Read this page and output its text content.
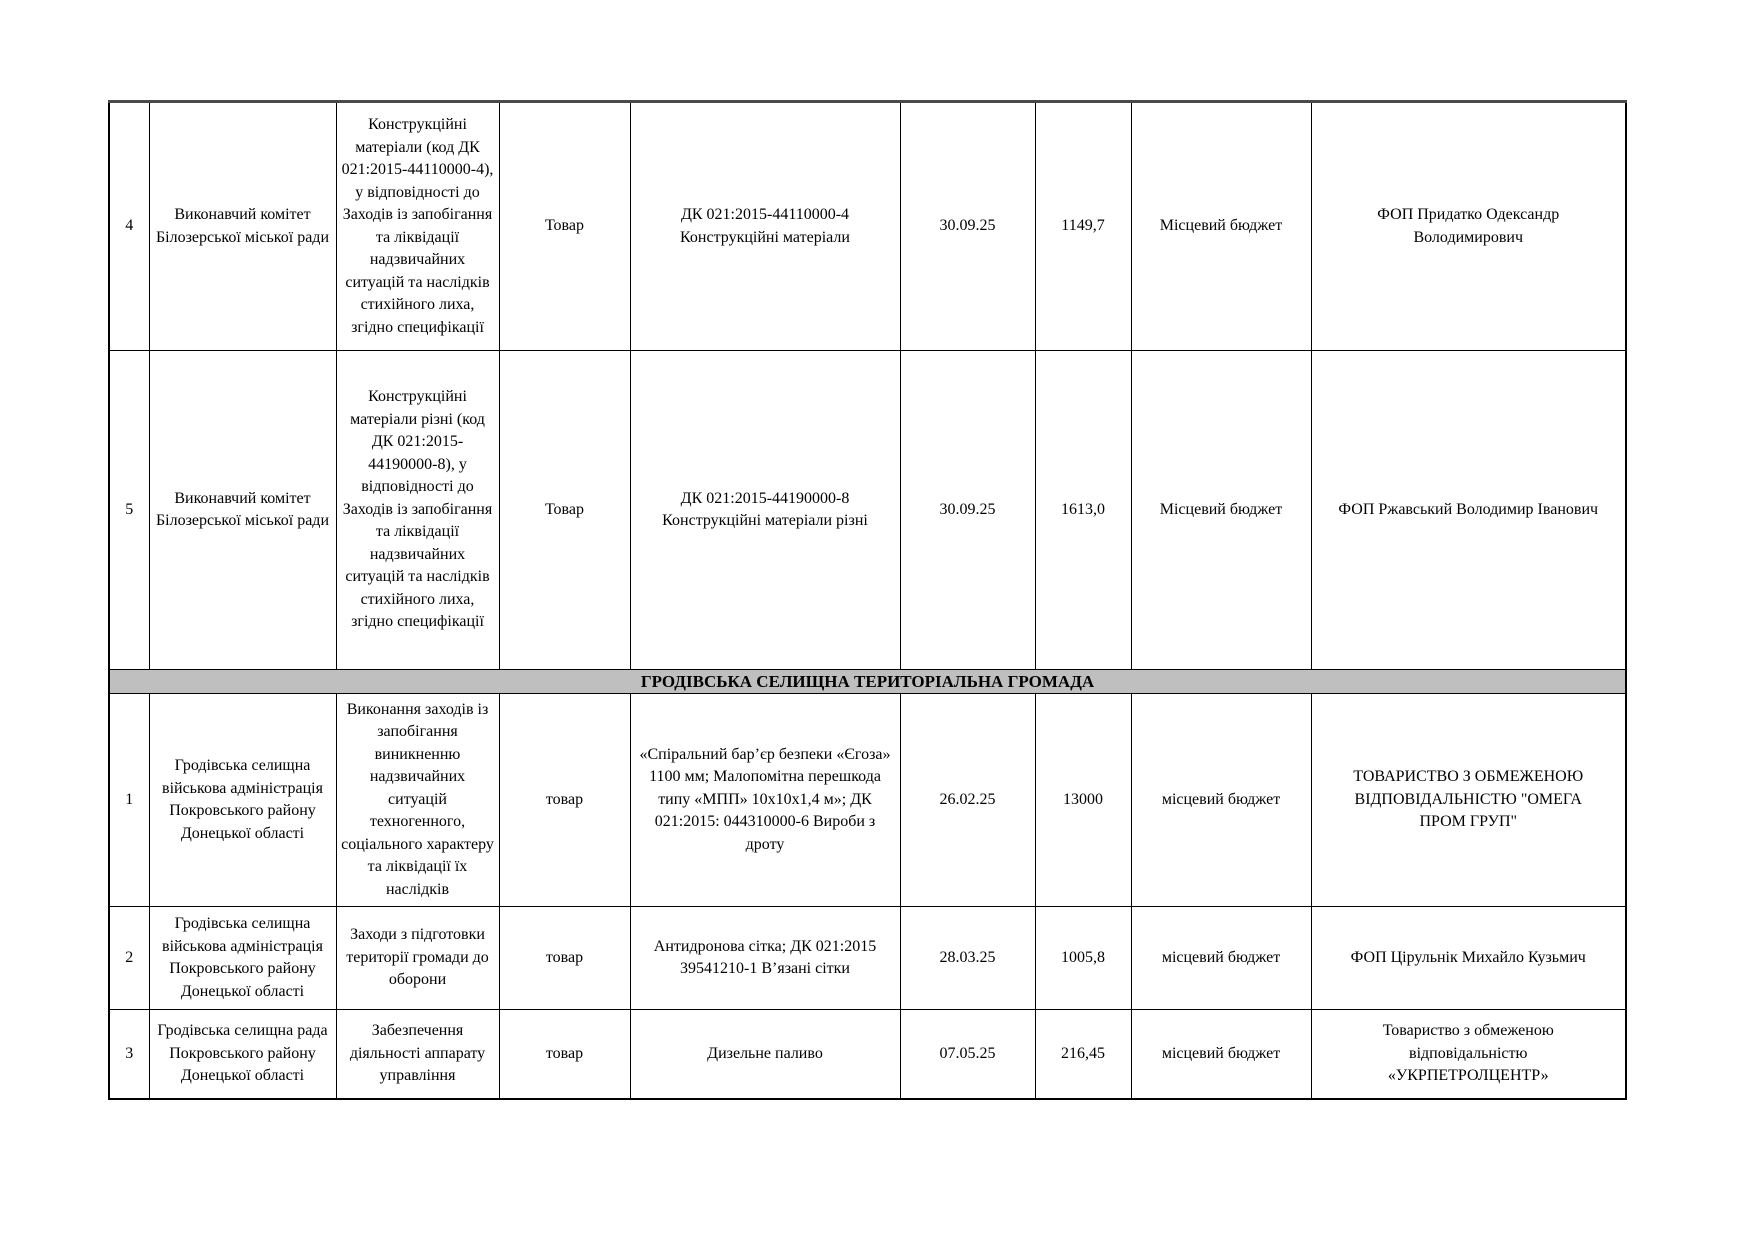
4	Виконавчий комітет Білозерської міської ради	Конструкційні матеріали (код ДК 021:2015-44110000-4), у відповідності до Заходів із запобігання та ліквідації надзвичайних ситуацій та наслідків стихійного лиха, згідно специфікації	Товар	ДК 021:2015-44110000-4 Конструкційні матеріали	30.09.25	1149,7	Місцевий бюджет	ФОП Придатко Одександр Володимирович
5	Виконавчий комітет Білозерської міської ради	Конструкційні матеріали різні (код ДК 021:2015-44190000-8), у відповідності до Заходів із запобігання та ліквідації надзвичайних ситуацій та наслідків стихійного лиха, згідно специфікації	Товар	ДК 021:2015-44190000-8 Конструкційні матеріали різні	30.09.25	1613,0	Місцевий бюджет	ФОП Ржавський Володимир Іванович
ГРОДІВСЬКА СЕЛИЩНА ТЕРИТОРІАЛЬНА ГРОМАДА								
1	Гродівська селищна військова адміністрація Покровського району Донецької області	Виконання заходів із запобігання виникненню надзвичайних ситуацій техногенного, соціального характеру та ліквідації їх наслідків	товар	«Спіральний бар’єр безпеки «Єгоза» 1100 мм; Малопомітна перешкода типу «МПП» 10х10х1,4 м»; ДК 021:2015: 044310000-6 Вироби з дроту	26.02.25	13000	місцевий бюджет	ТОВАРИСТВО З ОБМЕЖЕНОЮ ВІДПОВІДАЛЬНІСТЮ "ОМЕГА ПРОМ ГРУП"
2	Гродівська селищна військова адміністрація Покровського району Донецької області	Заходи з підготовки території громади до оборони	товар	Антидронова сітка; ДК 021:2015 39541210-1 В’язані сітки	28.03.25	1005,8	місцевий бюджет	ФОП Цірульнік Михайло Кузьмич
3	Гродівська селищна рада Покровського району Донецької області	Забезпечення діяльності аппарату управління	товар	Дизельне паливо	07.05.25	216,45	місцевий бюджет	Товариство з обмеженою відповідальністю «УКРПЕТРОЛЦЕНТР»
